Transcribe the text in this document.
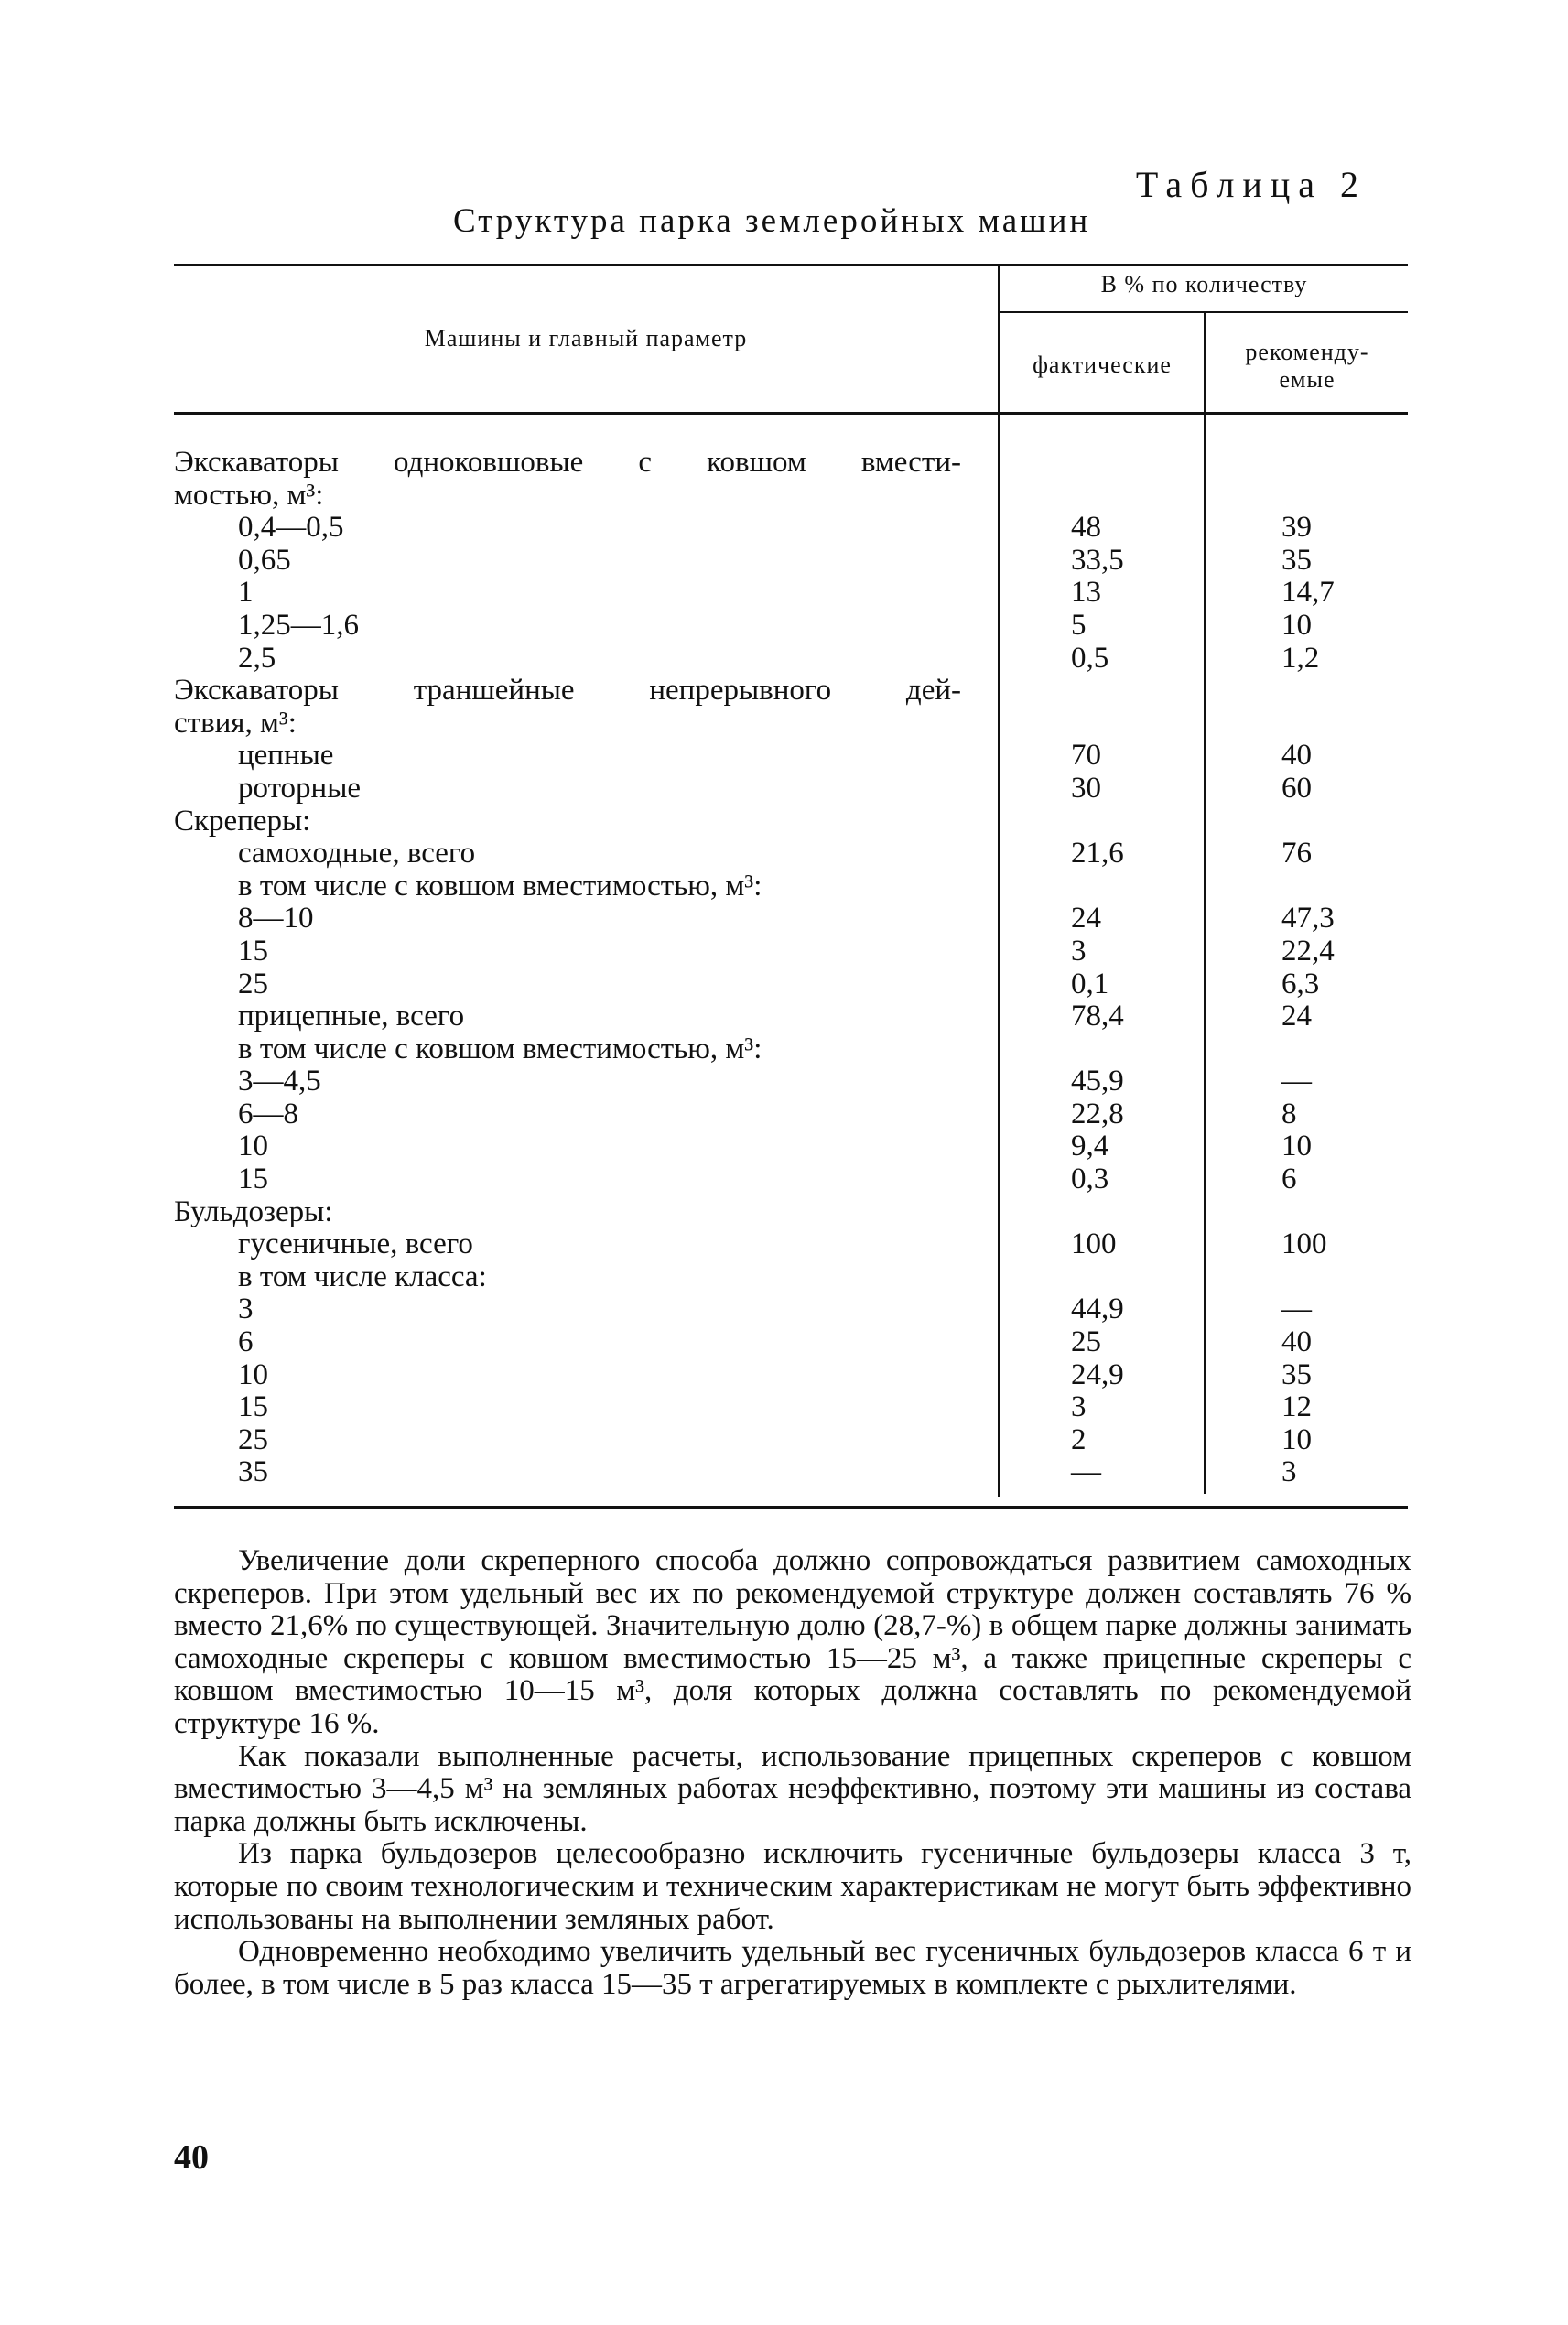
Таблица 2
Структура парка землеройных машин
Машины и главный параметр
В % по количеству
фактические	рекоменду-
емые
Экскаваторы одноковшовые с ковшом вмести-
мостью, м³:
0,4—0,5	48	39
0,65	33,5	35
1	13	14,7
1,25—1,6	5	10
2,5	0,5	1,2
Экскаваторы траншейные непрерывного дей-
ствия, м³:
цепные	70	40
роторные	30	60
Скреперы:
самоходные, всего	21,6	76
в том числе с ковшом вместимостью, м³:
8—10	24	47,3
15	3	22,4
25	0,1	6,3
прицепные, всего	78,4	24
в том числе с ковшом вместимостью, м³:
3—4,5	45,9	—
6—8	22,8	8
10	9,4	10
15	0,3	6
Бульдозеры:
гусеничные, всего	100	100
в том числе класса:
3	44,9	—
6	25	40
10	24,9	35
15	3	12
25	2	10
35	—	3

Увеличение доли скреперного способа должно сопровождаться развитием самоходных скреперов. При этом удельный вес их по рекомендуемой структуре должен составлять 76 % вместо 21,6% по существующей. Значительную долю (28,7-%) в общем парке должны занимать самоходные скреперы с ковшом вместимостью 15—25 м³, а также прицепные скреперы с ковшом вместимостью 10—15 м³, доля которых должна составлять по рекомендуемой структуре 16 %.

Как показали выполненные расчеты, использование прицепных скреперов с ковшом вместимостью 3—4,5 м³ на земляных работах неэффективно, поэтому эти машины из состава парка должны быть исключены.

Из парка бульдозеров целесообразно исключить гусеничные бульдозеры класса 3 т, которые по своим технологическим и техническим характеристикам не могут быть эффективно использованы на выполнении земляных работ.

Одновременно необходимо увеличить удельный вес гусеничных бульдозеров класса 6 т и более, в том числе в 5 раз класса 15—35 т агрегатируемых в комплекте с рыхлителями.

40
